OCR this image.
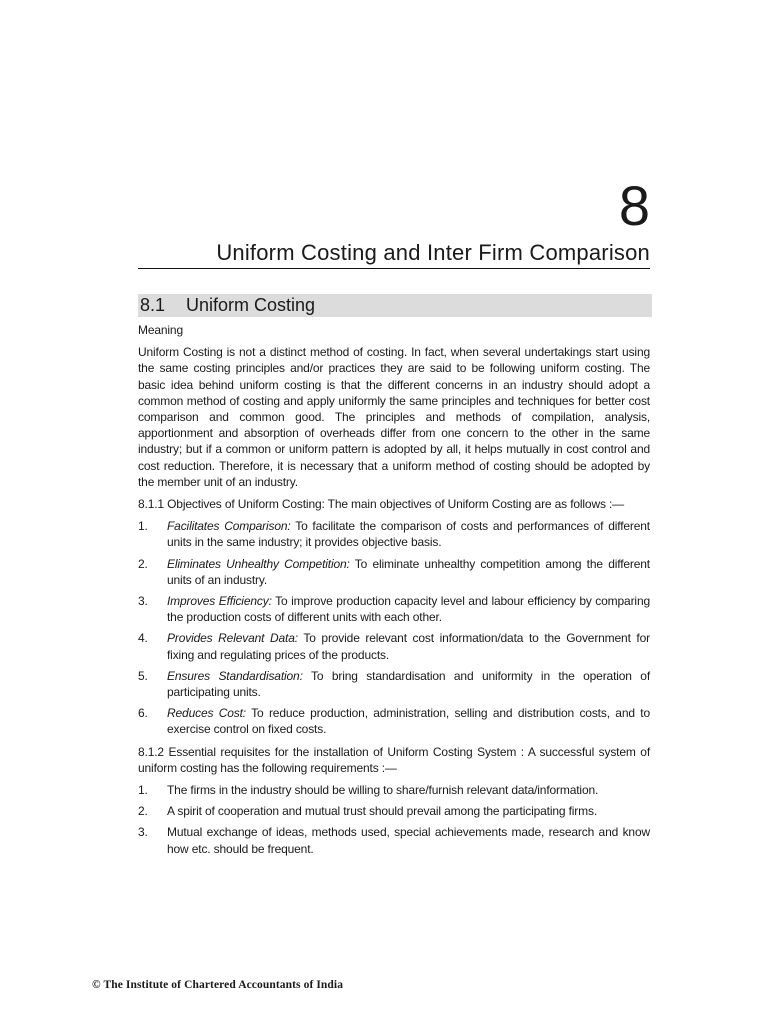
8
Uniform Costing and Inter Firm Comparison
8.1	Uniform Costing

Meaning

Uniform Costing is not a distinct method of costing. In fact, when several undertakings start using the same costing principles and/or practices they are said to be following uniform costing. The basic idea behind uniform costing is that the different concerns in an industry should adopt a common method of costing and apply uniformly the same principles and techniques for better cost comparison and common good. The principles and methods of compilation, analysis, apportionment and absorption of overheads differ from one concern to the other in the same industry; but if a common or uniform pattern is adopted by all, it helps mutually in cost control and cost reduction. Therefore, it is necessary that a uniform method of costing should be adopted by the member unit of an industry.

8.1.1 Objectives of Uniform Costing: The main objectives of Uniform Costing are as follows :—

1.	Facilitates Comparison: To facilitate the comparison of costs and performances of different units in the same industry; it provides objective basis.
2.	Eliminates Unhealthy Competition: To eliminate unhealthy competition among the different units of an industry.
3.	Improves Efficiency: To improve production capacity level and labour efficiency by comparing the production costs of different units with each other.
4.	Provides Relevant Data: To provide relevant cost information/data to the Government for fixing and regulating prices of the products.
5.	Ensures Standardisation: To bring standardisation and uniformity in the operation of participating units.
6.	Reduces Cost: To reduce production, administration, selling and distribution costs, and to exercise control on fixed costs.

8.1.2 Essential requisites for the installation of Uniform Costing System : A successful system of uniform costing has the following requirements :—

1.	The firms in the industry should be willing to share/furnish relevant data/information.
2.	A spirit of cooperation and mutual trust should prevail among the participating firms.
3.	Mutual exchange of ideas, methods used, special achievements made, research and know how etc. should be frequent.
© The Institute of Chartered Accountants of India
